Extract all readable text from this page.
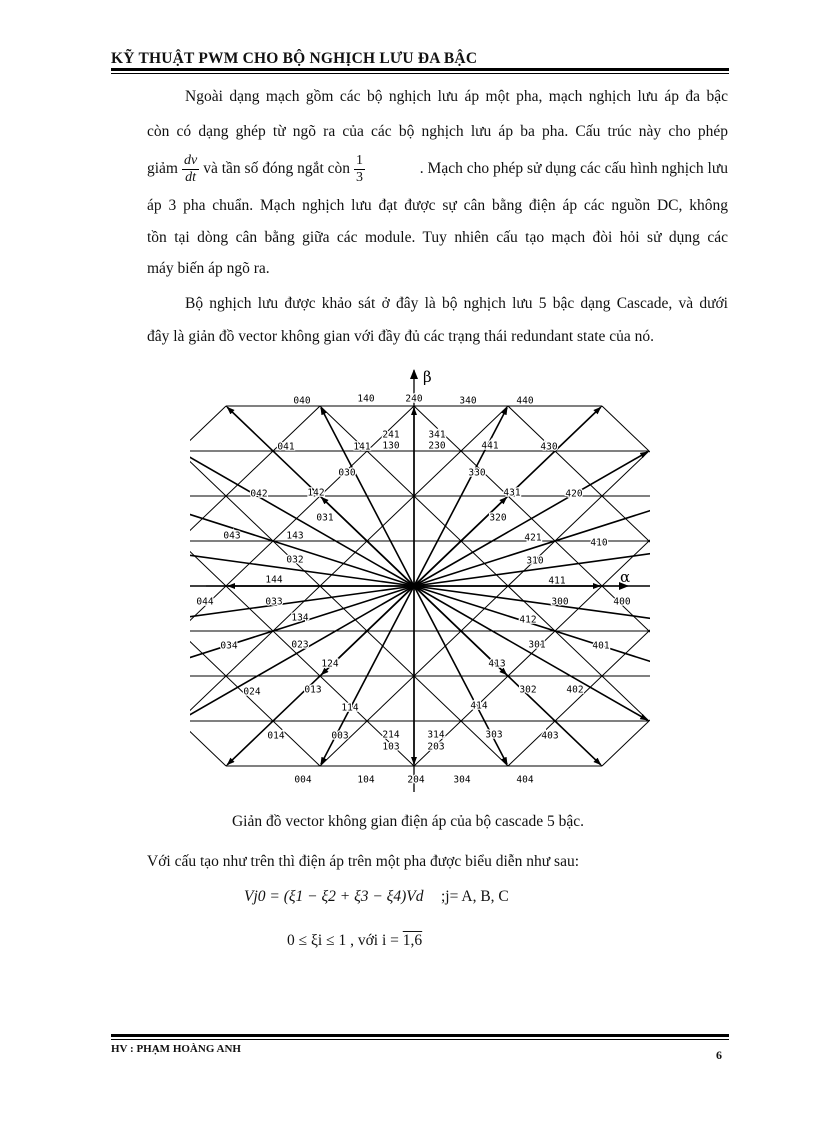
KỸ THUẬT PWM CHO BỘ NGHỊCH LƯU ĐA BẬC
Ngoài dạng mạch gồm các bộ nghịch lưu áp một pha, mạch nghịch lưu áp đa bậc
còn có dạng ghép từ ngõ ra của các bộ nghịch lưu áp ba pha. Cấu trúc này cho phép
giảm $\frac{dv}{dt}$ và tần số đóng ngắt còn $\frac{1}{3}$	. Mạch cho phép sử dụng các cấu hình nghịch lưu
áp 3 pha chuẩn. Mạch nghịch lưu đạt được sự cân bằng điện áp các nguồn DC, không
tồn tại dòng cân bằng giữa các module. Tuy nhiên cấu tạo mạch đòi hỏi sử dụng các
máy biến áp ngõ ra.
Bộ nghịch lưu được khảo sát ở đây là bộ nghịch lưu 5 bậc dạng Cascade, và dưới
đây là giản đồ vector không gian với đầy đủ các trạng thái redundant state của nó.
α
β
040	140	240	340	440
041	141
241
130
341
230	441	430
030	330
042	142	431	420
031	320
043	143	421	410
032	310
144	411
044	033	300	400
134	412
034	023	301	401
124	413
024	013	302	402
114	414
014	003	214
103
314
203
303	403
004	104	204	304	404
Giản đồ vector không gian điện áp của bộ cascade 5 bậc.
Với cấu tạo như trên thì điện áp trên một pha được biểu diễn như sau:
Vj0 = (ξ1 − ξ2 + ξ3 − ξ4)Vd ;j= A, B, C
0 ≤ ξi ≤ 1 , với i = 1,6
HV : PHẠM HOÀNG ANH	6
